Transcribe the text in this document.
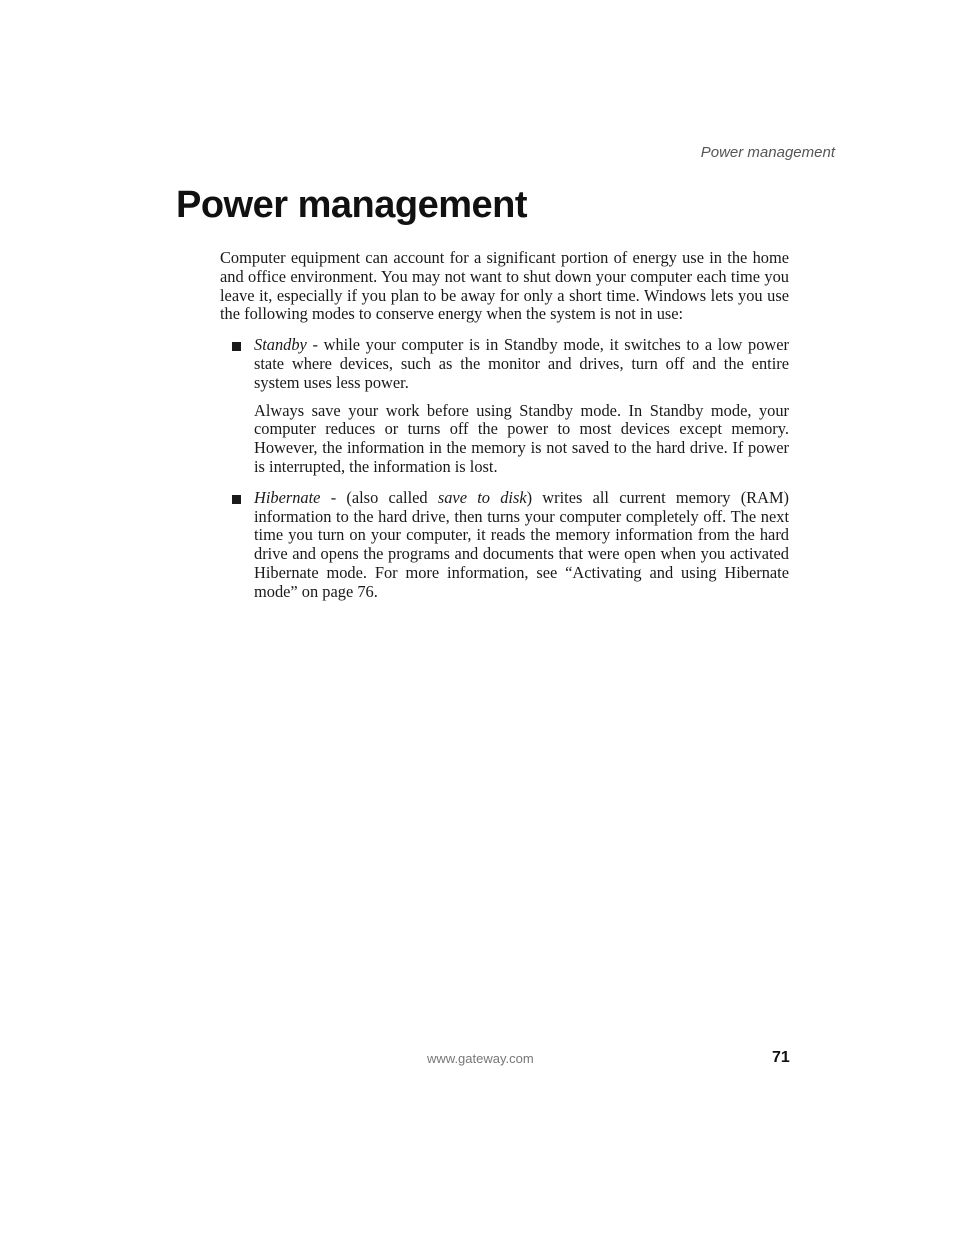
Power management
Power management

Computer equipment can account for a significant portion of energy use in the home and office environment. You may not want to shut down your computer each time you leave it, especially if you plan to be away for only a short time. Windows lets you use the following modes to conserve energy when the system is not in use:

Standby - while your computer is in Standby mode, it switches to a low power state where devices, such as the monitor and drives, turn off and the entire system uses less power.

Always save your work before using Standby mode. In Standby mode, your computer reduces or turns off the power to most devices except memory. However, the information in the memory is not saved to the hard drive. If power is interrupted, the information is lost.

Hibernate - (also called save to disk) writes all current memory (RAM) information to the hard drive, then turns your computer completely off. The next time you turn on your computer, it reads the memory information from the hard drive and opens the programs and documents that were open when you activated Hibernate mode. For more information, see “Activating and using Hibernate mode” on page 76.

www.gateway.com	71
